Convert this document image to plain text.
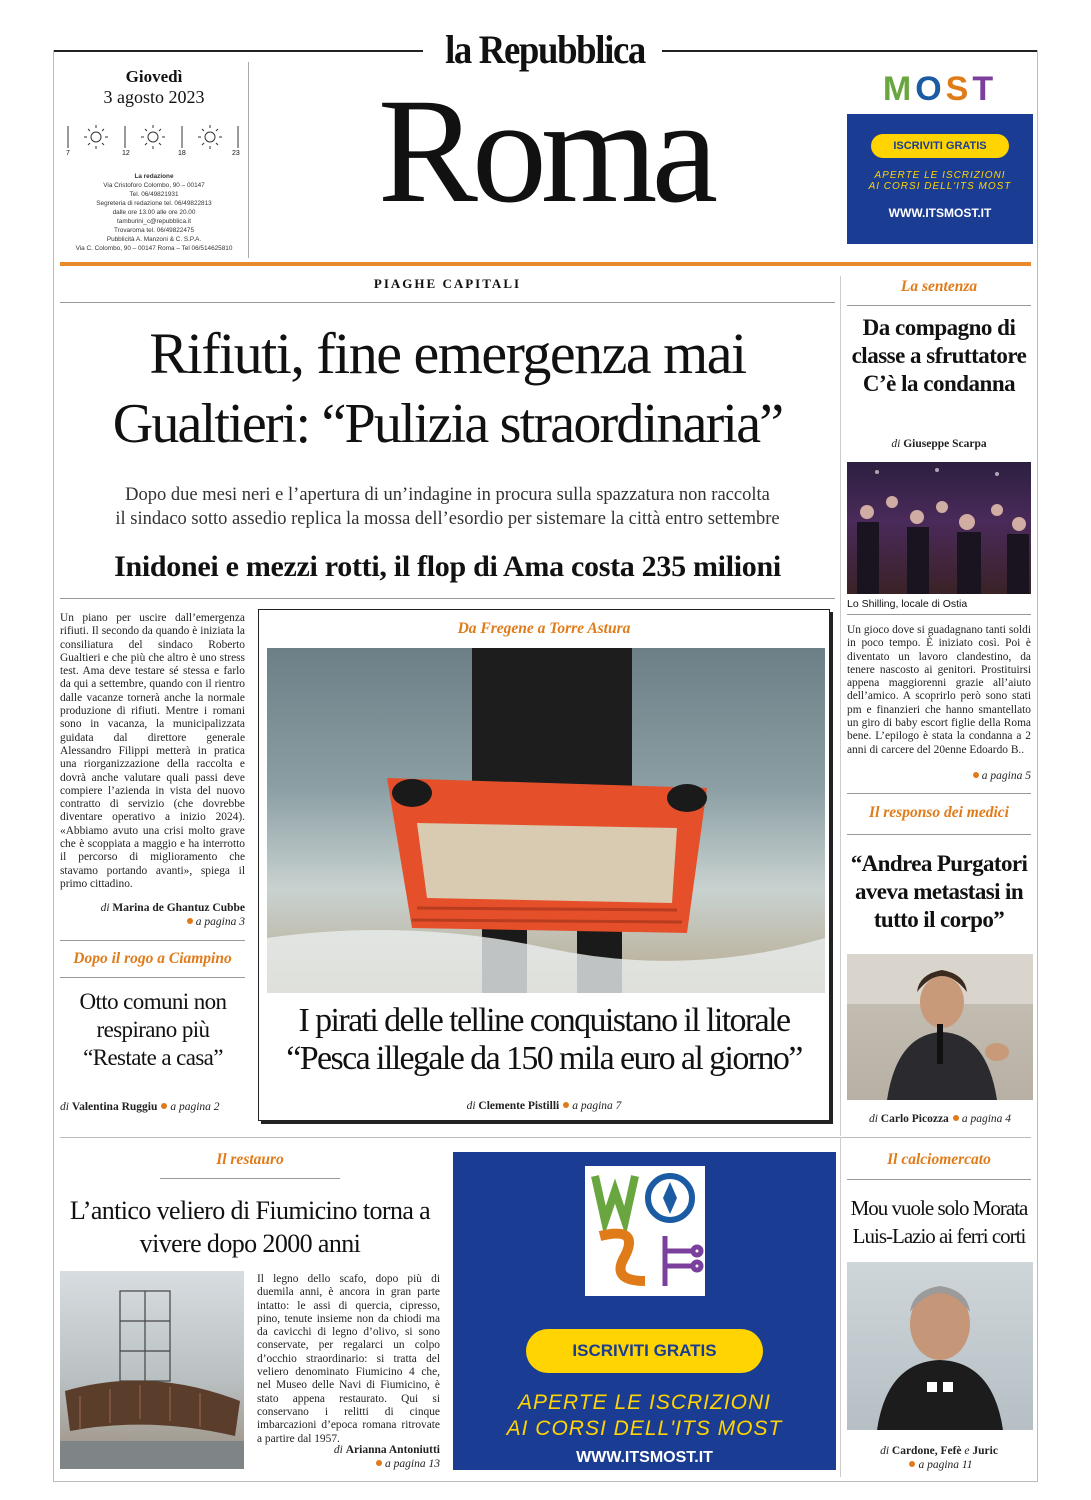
la Repubblica
Roma
Giovedì
3 agosto 2023
7	12	18	23
La redazione
Via Cristoforo Colombo, 90 – 00147
Tel. 06/49821931
Segreteria di redazione tel. 06/49822813
dalle ore 13.00 alle ore 20.00
tamburini_c@repubblica.it
Trovaroma tel. 06/49822475
Pubblicità A. Manzoni & C. S.P.A.
Via C. Colombo, 90 – 00147 Roma – Tel 06/514625810
MOST
ISCRIVITI GRATIS
APERTE LE ISCRIZIONI
AI CORSI DELL'ITS MOST
WWW.ITSMOST.IT
PIAGHE CAPITALI
Rifiuti, fine emergenza mai
Gualtieri: “Pulizia straordinaria”
Dopo due mesi neri e l’apertura di un’indagine in procura sulla spazzatura non raccolta
il sindaco sotto assedio replica la mossa dell’esordio per sistemare la città entro settembre
Inidonei e mezzi rotti, il flop di Ama costa 235 milioni
Un piano per uscire dall’emergenza rifiuti. Il secondo da quando è iniziata la consiliatura del sindaco Roberto Gualtieri e che più che altro è uno stress test. Ama deve testare sé stessa e farlo da qui a settembre, quando con il rientro dalle vacanze tornerà anche la normale produzione di rifiuti. Mentre i romani sono in vacanza, la municipalizzata guidata dal direttore generale Alessandro Filippi metterà in pratica una riorganizzazione della raccolta e dovrà anche valutare quali passi deve compiere l’azienda in vista del nuovo contratto di servizio (che dovrebbe diventare operativo a inizio 2024). «Abbiamo avuto una crisi molto grave che è scoppiata a maggio e ha interrotto il percorso di miglioramento che stavamo portando avanti», spiega il primo cittadino.
di Marina de Ghantuz Cubbe
a pagina 3
Dopo il rogo a Ciampino
Otto comuni non respirano più “Restate a casa”
di Valentina Ruggiu a pagina 2
Da Fregene a Torre Astura
I pirati delle telline conquistano il litorale
“Pesca illegale da 150 mila euro al giorno”
di Clemente Pistilli a pagina 7
La sentenza
Da compagno di classe a sfruttatore C’è la condanna
di Giuseppe Scarpa
Lo Shilling, locale di Ostia
Un gioco dove si guadagnano tanti soldi in poco tempo. È iniziato così. Poi è diventato un lavoro clandestino, da tenere nascosto ai genitori. Prostituirsi appena maggiorenni grazie all’aiuto dell’amico. A scoprirlo però sono stati pm e finanzieri che hanno smantellato un giro di baby escort figlie della Roma bene. L’epilogo è stata la condanna a 2 anni di carcere del 20enne Edoardo B..
a pagina 5
Il responso dei medici
“Andrea Purgatori aveva metastasi in tutto il corpo”
di Carlo Picozza a pagina 4
Il restauro
L’antico veliero di Fiumicino torna a vivere dopo 2000 anni
Il legno dello scafo, dopo più di duemila anni, è ancora in gran parte intatto: le assi di quercia, cipresso, pino, tenute insieme non da chiodi ma da cavicchi di legno d’olivo, si sono conservate, per regalarci un colpo d’occhio straordinario: si tratta del veliero denominato Fiumicino 4 che, nel Museo delle Navi di Fiumicino, è stato appena restaurato. Qui si conservano i relitti di cinque imbarcazioni d’epoca romana ritrovate a partire dal 1957.
di Arianna Antoniutti
a pagina 13
ISCRIVITI GRATIS
APERTE LE ISCRIZIONI
AI CORSI DELL'ITS MOST
WWW.ITSMOST.IT
Il calciomercato
Mou vuole solo Morata Luis-Lazio ai ferri corti
di Cardone, Fefè e Juric
a pagina 11
